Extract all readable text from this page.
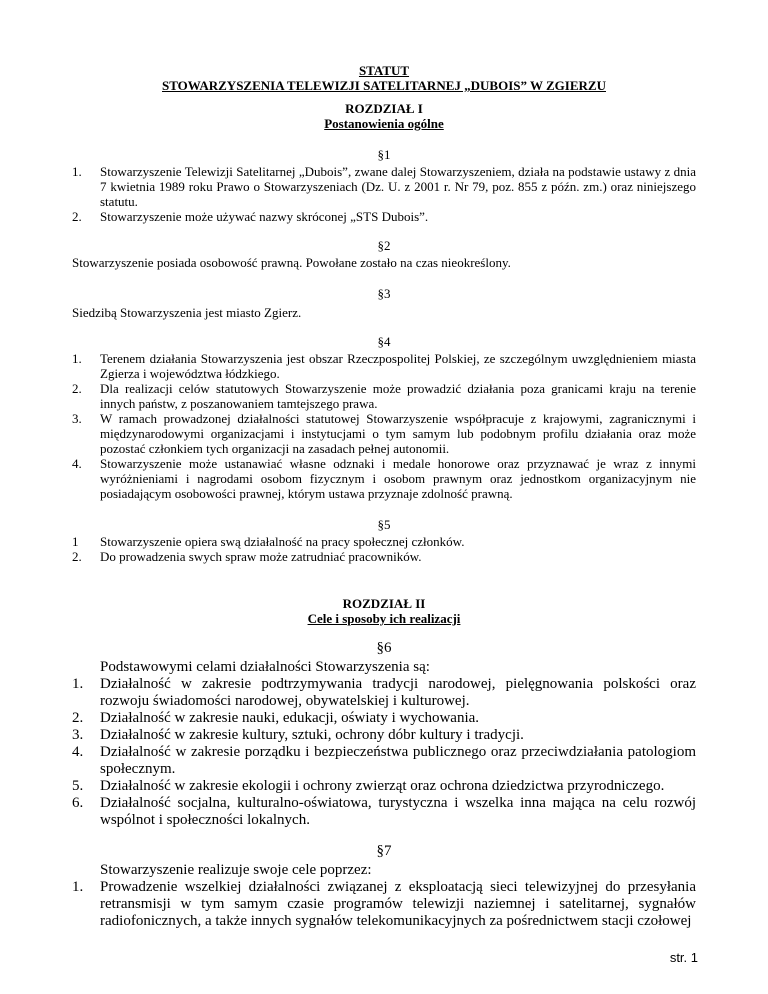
STATUT
STOWARZYSZENIA TELEWIZJI SATELITARNEJ „DUBOIS” W ZGIERZU
ROZDZIAŁ I
Postanowienia ogólne
§1
1. Stowarzyszenie Telewizji Satelitarnej „Dubois”, zwane dalej Stowarzyszeniem, działa na podstawie ustawy z dnia 7 kwietnia 1989 roku Prawo o Stowarzyszeniach (Dz. U. z 2001 r. Nr 79, poz. 855 z późn. zm.) oraz niniejszego statutu.
2. Stowarzyszenie może używać nazwy skróconej „STS Dubois”.
§2
Stowarzyszenie posiada osobowość prawną. Powołane zostało na czas nieokreślony.
§3
Siedzibą Stowarzyszenia jest miasto Zgierz.
§4
1. Terenem działania Stowarzyszenia jest obszar Rzeczpospolitej Polskiej, ze szczególnym uwzględnieniem miasta Zgierza i województwa łódzkiego.
2. Dla realizacji celów statutowych Stowarzyszenie może prowadzić działania poza granicami kraju na terenie innych państw, z poszanowaniem tamtejszego prawa.
3. W ramach prowadzonej działalności statutowej Stowarzyszenie współpracuje z krajowymi, zagranicznymi i międzynarodowymi organizacjami i instytucjami o tym samym lub podobnym profilu działania oraz może pozostać członkiem tych organizacji na zasadach pełnej autonomii.
4. Stowarzyszenie może ustanawiać własne odznaki i medale honorowe oraz przyznawać je wraz z innymi wyróżnieniami i nagrodami osobom fizycznym i osobom prawnym oraz jednostkom organizacyjnym nie posiadającym osobowości prawnej, którym ustawa przyznaje zdolność prawną.
§5
1 Stowarzyszenie opiera swą działalność na pracy społecznej członków.
2. Do prowadzenia swych spraw może zatrudniać pracowników.
ROZDZIAŁ II
Cele i sposoby ich realizacji
§6
Podstawowymi celami działalności Stowarzyszenia są:
1. Działalność w zakresie podtrzymywania tradycji narodowej, pielęgnowania polskości oraz rozwoju świadomości narodowej, obywatelskiej i kulturowej.
2. Działalność w zakresie nauki, edukacji, oświaty i wychowania.
3. Działalność w zakresie kultury, sztuki, ochrony dóbr kultury i tradycji.
4. Działalność w zakresie porządku i bezpieczeństwa publicznego oraz przeciwdziałania patologiom społecznym.
5. Działalność w zakresie ekologii i ochrony zwierząt oraz ochrona dziedzictwa przyrodniczego.
6. Działalność socjalna, kulturalno-oświatowa, turystyczna i wszelka inna mająca na celu rozwój wspólnot i społeczności lokalnych.
§7
Stowarzyszenie realizuje swoje cele poprzez:
1. Prowadzenie wszelkiej działalności związanej z eksploatacją sieci telewizyjnej do przesyłania retransmisji w tym samym czasie programów telewizji naziemnej i satelitarnej, sygnałów radiofonicznych, a także innych sygnałów telekomunikacyjnych za pośrednictwem stacji czołowej
str. 1
